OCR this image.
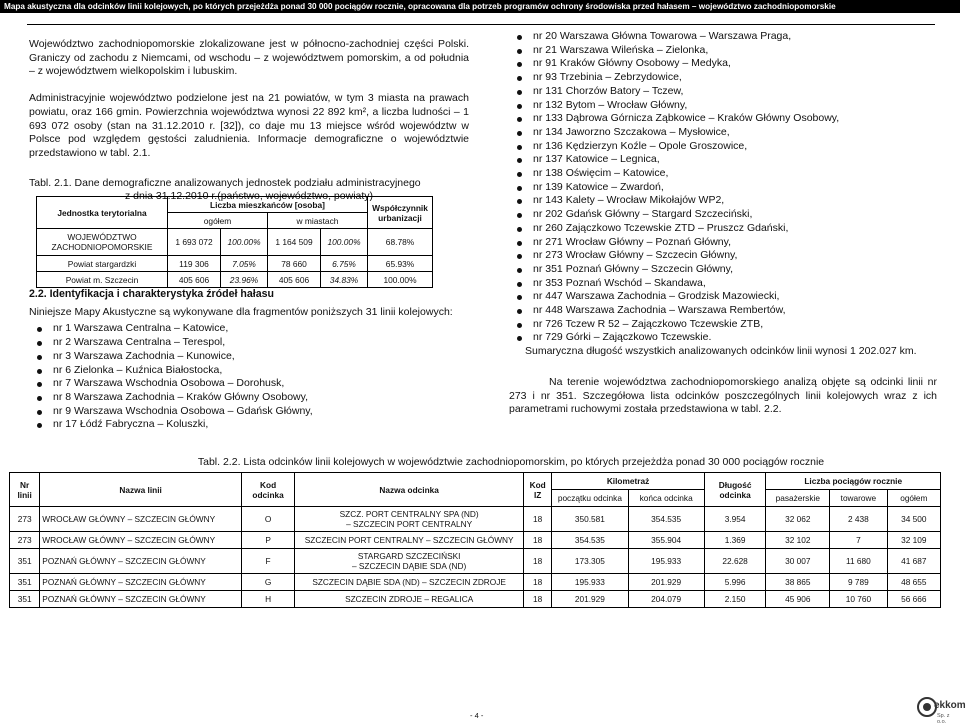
Mapa akustyczna dla odcinków linii kolejowych, po których przejeżdża ponad 30 000 pociągów rocznie, opracowana dla potrzeb programów ochrony środowiska przed hałasem – województwo zachodniopomorskie
Województwo zachodniopomorskie zlokalizowane jest w północno-zachodniej części Polski. Graniczy od zachodu z Niemcami, od wschodu – z województwem pomorskim, a od południa – z województwem wielkopolskim i lubuskim.
Administracyjnie województwo podzielone jest na 21 powiatów, w tym 3 miasta na prawach powiatu, oraz 166 gmin. Powierzchnia województwa wynosi 22 892 km², a liczba ludności – 1 693 072 osoby (stan na 31.12.2010 r. [32]), co daje mu 13 miejsce wśród województw w Polsce pod względem gęstości zaludnienia. Informacje demograficzne o województwie przedstawiono w tabl. 2.1.
Tabl. 2.1. Dane demograficzne analizowanych jednostek podziału administracyjnego
z dnia 31.12.2010 r.(państwo, województwo, powiaty)
Jednostka terytorialna	Liczba mieszkańców [osoba]				Współczynnik urbanizacji
	ogółem		w miastach		
WOJEWÓDZTWO ZACHODNIOPOMORSKIE	1 693 072	100.00%	1 164 509	100.00%	68.78%
Powiat stargardzki	119 306	7.05%	78 660	6.75%	65.93%
Powiat m. Szczecin	405 606	23.96%	405 606	34.83%	100.00%
2.2. Identyfikacja i charakterystyka źródeł hałasu
Niniejsze Mapy Akustyczne są wykonywane dla fragmentów poniższych 31 linii kolejowych:
nr 1 Warszawa Centralna – Katowice,
nr 2 Warszawa Centralna – Terespol,
nr 3 Warszawa Zachodnia – Kunowice,
nr 6 Zielonka – Kuźnica Białostocka,
nr 7 Warszawa Wschodnia Osobowa – Dorohusk,
nr 8 Warszawa Zachodnia – Kraków Główny Osobowy,
nr 9 Warszawa Wschodnia Osobowa – Gdańsk Główny,
nr 17 Łódź Fabryczna – Koluszki,
nr 20 Warszawa Główna Towarowa – Warszawa Praga,
nr 21 Warszawa Wileńska – Zielonka,
nr 91 Kraków Główny Osobowy – Medyka,
nr 93 Trzebinia – Zebrzydowice,
nr 131 Chorzów Batory – Tczew,
nr 132 Bytom – Wrocław Główny,
nr 133 Dąbrowa Górnicza Ząbkowice – Kraków Główny Osobowy,
nr 134 Jaworzno Szczakowa – Mysłowice,
nr 136 Kędzierzyn Koźle – Opole Groszowice,
nr 137 Katowice – Legnica,
nr 138 Oświęcim – Katowice,
nr 139 Katowice – Zwardoń,
nr 143 Kalety – Wrocław Mikołajów WP2,
nr 202 Gdańsk Główny – Stargard Szczeciński,
nr 260 Zajączkowo Tczewskie ZTD – Pruszcz Gdański,
nr 271 Wrocław Główny – Poznań Główny,
nr 273 Wrocław Główny – Szczecin Główny,
nr 351 Poznań Główny – Szczecin Główny,
nr 353 Poznań Wschód – Skandawa,
nr 447 Warszawa Zachodnia – Grodzisk Mazowiecki,
nr 448 Warszawa Zachodnia – Warszawa Rembertów,
nr 726 Tczew R 52 – Zajączkowo Tczewskie ZTB,
nr 729 Górki – Zajączkowo Tczewskie.
Sumaryczna długość wszystkich analizowanych odcinków linii wynosi 1 202.027 km.
Na terenie województwa zachodniopomorskiego analizą objęte są odcinki linii nr 273 i nr 351. Szczegółowa lista odcinków poszczególnych linii kolejowych wraz z ich parametrami ruchowymi została przedstawiona w tabl. 2.2.
Tabl. 2.2. Lista odcinków linii kolejowych w województwie zachodniopomorskim, po których przejeżdża ponad 30 000 pociągów rocznie
Nr linii	Nazwa linii	Kod odcinka	Nazwa odcinka	Kod IZ	Kilometraż		Długość odcinka	Liczba pociągów rocznie		
					początku odcinka	końca odcinka		pasażerskie	towarowe	ogółem
273	WROCŁAW GŁÓWNY – SZCZECIN GŁÓWNY	O	SZCZ. PORT CENTRALNY SPA (ND)
– SZCZECIN PORT CENTRALNY	18	350.581	354.535	3.954	32 062	2 438	34 500
273	WROCŁAW GŁÓWNY – SZCZECIN GŁÓWNY	P	SZCZECIN PORT CENTRALNY – SZCZECIN GŁÓWNY	18	354.535	355.904	1.369	32 102	7	32 109
351	POZNAŃ GŁÓWNY – SZCZECIN GŁÓWNY	F	STARGARD SZCZECIŃSKI
– SZCZECIN DĄBIE SDA (ND)	18	173.305	195.933	22.628	30 007	11 680	41 687
351	POZNAŃ GŁÓWNY – SZCZECIN GŁÓWNY	G	SZCZECIN DĄBIE SDA (ND) – SZCZECIN ZDROJE	18	195.933	201.929	5.996	38 865	9 789	48 655
351	POZNAŃ GŁÓWNY – SZCZECIN GŁÓWNY	H	SZCZECIN ZDROJE – REGALICA	18	201.929	204.079	2.150	45 906	10 760	56 666
- 4 -
ekkom
Sp. z o.o.
